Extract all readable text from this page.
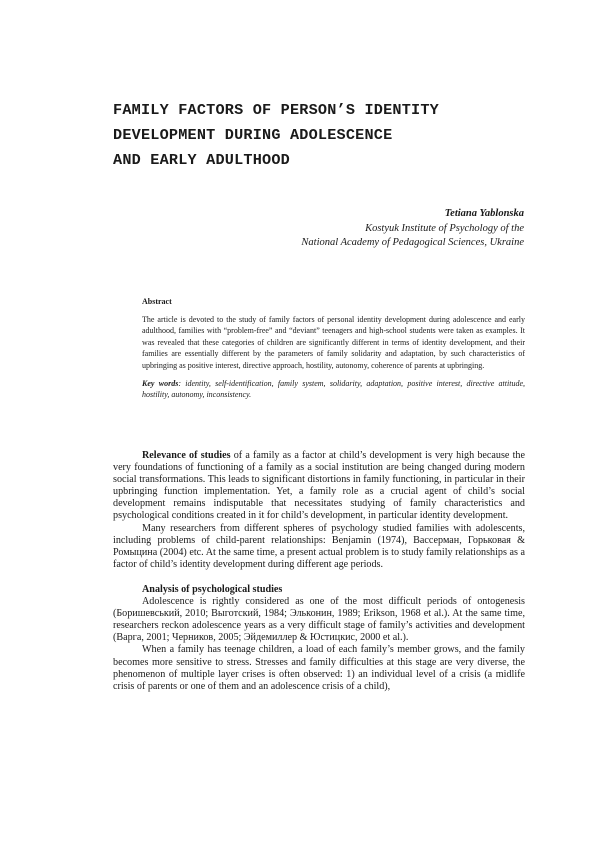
FAMILY FACTORS OF PERSON’S IDENTITY
DEVELOPMENT DURING ADOLESCENCE
AND EARLY ADULTHOOD
Tetiana Yablonska
Kostyuk Institute of Psychology of the
National Academy of Pedagogical Sciences, Ukraine
Abstract

The article is devoted to the study of family factors of personal identity development during adolescence and early adulthood, families with “problem-free” and “deviant” teenagers and high-school students were taken as examples. It was revealed that these categories of children are significantly different in terms of identity development, and their families are essentially different by the parameters of family solidarity and adaptation, by such characteristics of upbringing as positive interest, directive approach, hostility, autonomy, coherence of parents at upbringing.

Key words: identity, self-identification, family system, solidarity, adaptation, positive interest, directive attitude, hostility, autonomy, inconsistency.

Relevance of studies of a family as a factor at child’s development is very high because the very foundations of functioning of a family as a social institution are being changed during modern social transformations. This leads to significant distortions in family functioning, in particular in their upbringing function implementation. Yet, a family role as a crucial agent of child’s social development remains indisputable that necessitates studying of family characteristics and psychological conditions created in it for child’s development, in particular identity development.

Many researchers from different spheres of psychology studied families with adolescents, including problems of child-parent relationships: Benjamin (1974), Вассерман, Горьковая & Ромыцина (2004) etc. At the same time, a present actual problem is to study family relationships as a factor of child’s identity development during different age periods.

Analysis of psychological studies

Adolescence is rightly considered as one of the most difficult periods of ontogenesis (Боришевський, 2010; Выготский, 1984; Эльконин, 1989; Erikson, 1968 et al.). At the same time, researchers reckon adolescence years as a very difficult stage of family’s activities and development (Варга, 2001; Черников, 2005; Эйдемиллер & Юстицкис, 2000 et al.).

When a family has teenage children, a load of each family’s member grows, and the family becomes more sensitive to stress. Stresses and family difficulties at this stage are very diverse, the phenomenon of multiple layer crises is often observed: 1) an individual level of a crisis (a midlife crisis of parents or one of them and an adolescence crisis of a child),
